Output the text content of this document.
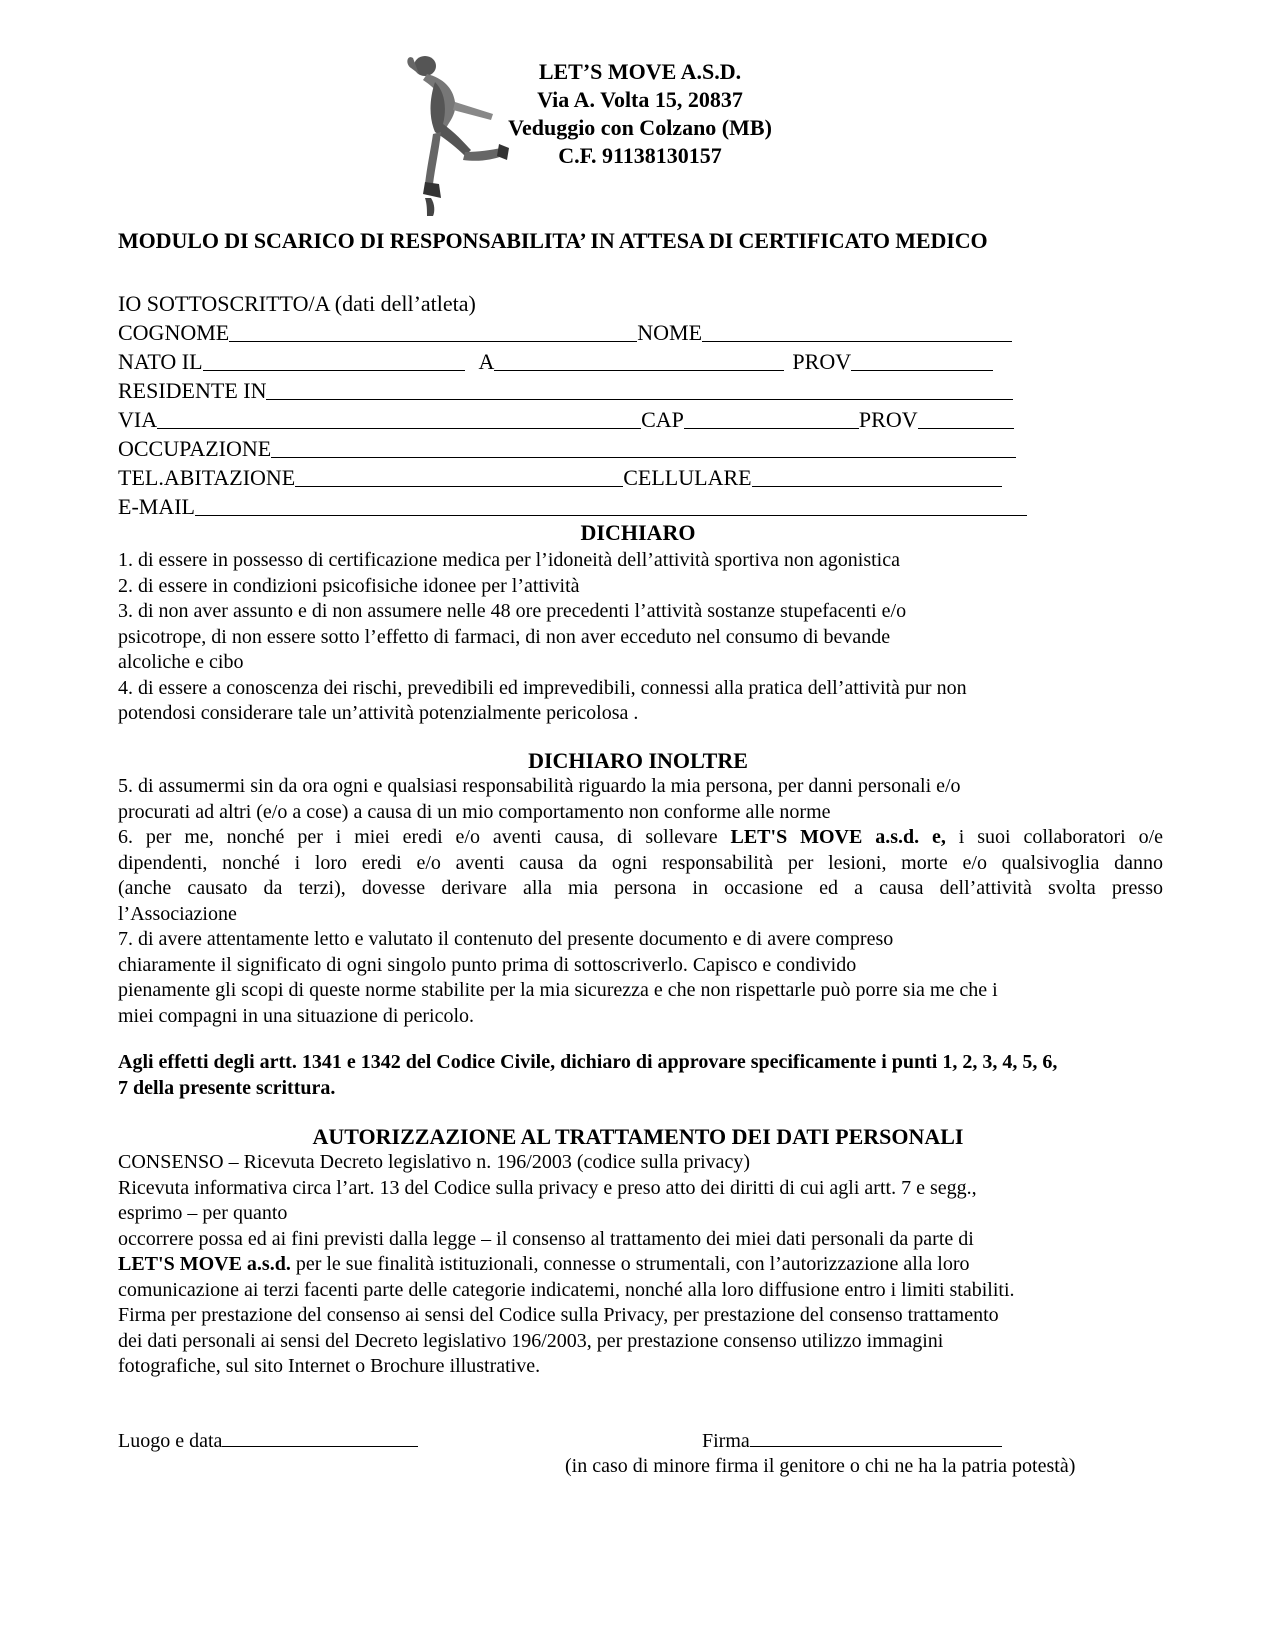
LET’S MOVE A.S.D.
Via A. Volta 15, 20837
Veduggio con Colzano (MB)
C.F. 91138130157
MODULO DI SCARICO DI RESPONSABILITA’ IN ATTESA DI CERTIFICATO MEDICO
IO SOTTOSCRITTO/A (dati dell’atleta)
COGNOME	NOME
NATO IL	A	PROV
RESIDENTE IN
VIA	CAP	PROV
OCCUPAZIONE
TEL.ABITAZIONE	CELLULARE
E-MAIL
DICHIARO
1. di essere in possesso di certificazione medica per l’idoneità dell’attività sportiva non agonistica
2. di essere in condizioni psicofisiche idonee per l’attività
3. di non aver assunto e di non assumere nelle 48 ore precedenti l’attività sostanze stupefacenti e/o
psicotrope, di non essere sotto l’effetto di farmaci, di non aver ecceduto nel consumo di bevande
alcoliche e cibo
4. di essere a conoscenza dei rischi, prevedibili ed imprevedibili, connessi alla pratica dell’attività pur non
potendosi considerare tale un’attività potenzialmente pericolosa .
DICHIARO INOLTRE
5. di assumermi sin da ora ogni e qualsiasi responsabilità riguardo la mia persona, per danni personali e/o
procurati ad altri (e/o a cose) a causa di un mio comportamento non conforme alle norme
6. per me, nonché per i miei eredi e/o aventi causa, di sollevare LET'S MOVE a.s.d. e, i suoi collaboratori o/e
dipendenti, nonché i loro eredi e/o aventi causa da ogni responsabilità per lesioni, morte e/o qualsivoglia danno
(anche causato da terzi), dovesse derivare alla mia persona in occasione ed a causa dell’attività svolta presso
l’Associazione
7. di avere attentamente letto e valutato il contenuto del presente documento e di avere compreso
chiaramente il significato di ogni singolo punto prima di sottoscriverlo. Capisco e condivido
pienamente gli scopi di queste norme stabilite per la mia sicurezza e che non rispettarle può porre sia me che i
miei compagni in una situazione di pericolo.
Agli effetti degli artt. 1341 e 1342 del Codice Civile, dichiaro di approvare specificamente i punti 1, 2, 3, 4, 5, 6,
7 della presente scrittura.
AUTORIZZAZIONE AL TRATTAMENTO DEI DATI PERSONALI
CONSENSO – Ricevuta Decreto legislativo n. 196/2003 (codice sulla privacy)
Ricevuta informativa circa l’art. 13 del Codice sulla privacy e preso atto dei diritti di cui agli artt. 7 e segg.,
esprimo – per quanto
occorrere possa ed ai fini previsti dalla legge – il consenso al trattamento dei miei dati personali da parte di
LET'S MOVE a.s.d. per le sue finalità istituzionali, connesse o strumentali, con l’autorizzazione alla loro
comunicazione ai terzi facenti parte delle categorie indicatemi, nonché alla loro diffusione entro i limiti stabiliti.
Firma per prestazione del consenso ai sensi del Codice sulla Privacy, per prestazione del consenso trattamento
dei dati personali ai sensi del Decreto legislativo 196/2003, per prestazione consenso utilizzo immagini
fotografiche, sul sito Internet o Brochure illustrative.
Luogo e data	Firma
(in caso di minore firma il genitore o chi ne ha la patria potestà)
